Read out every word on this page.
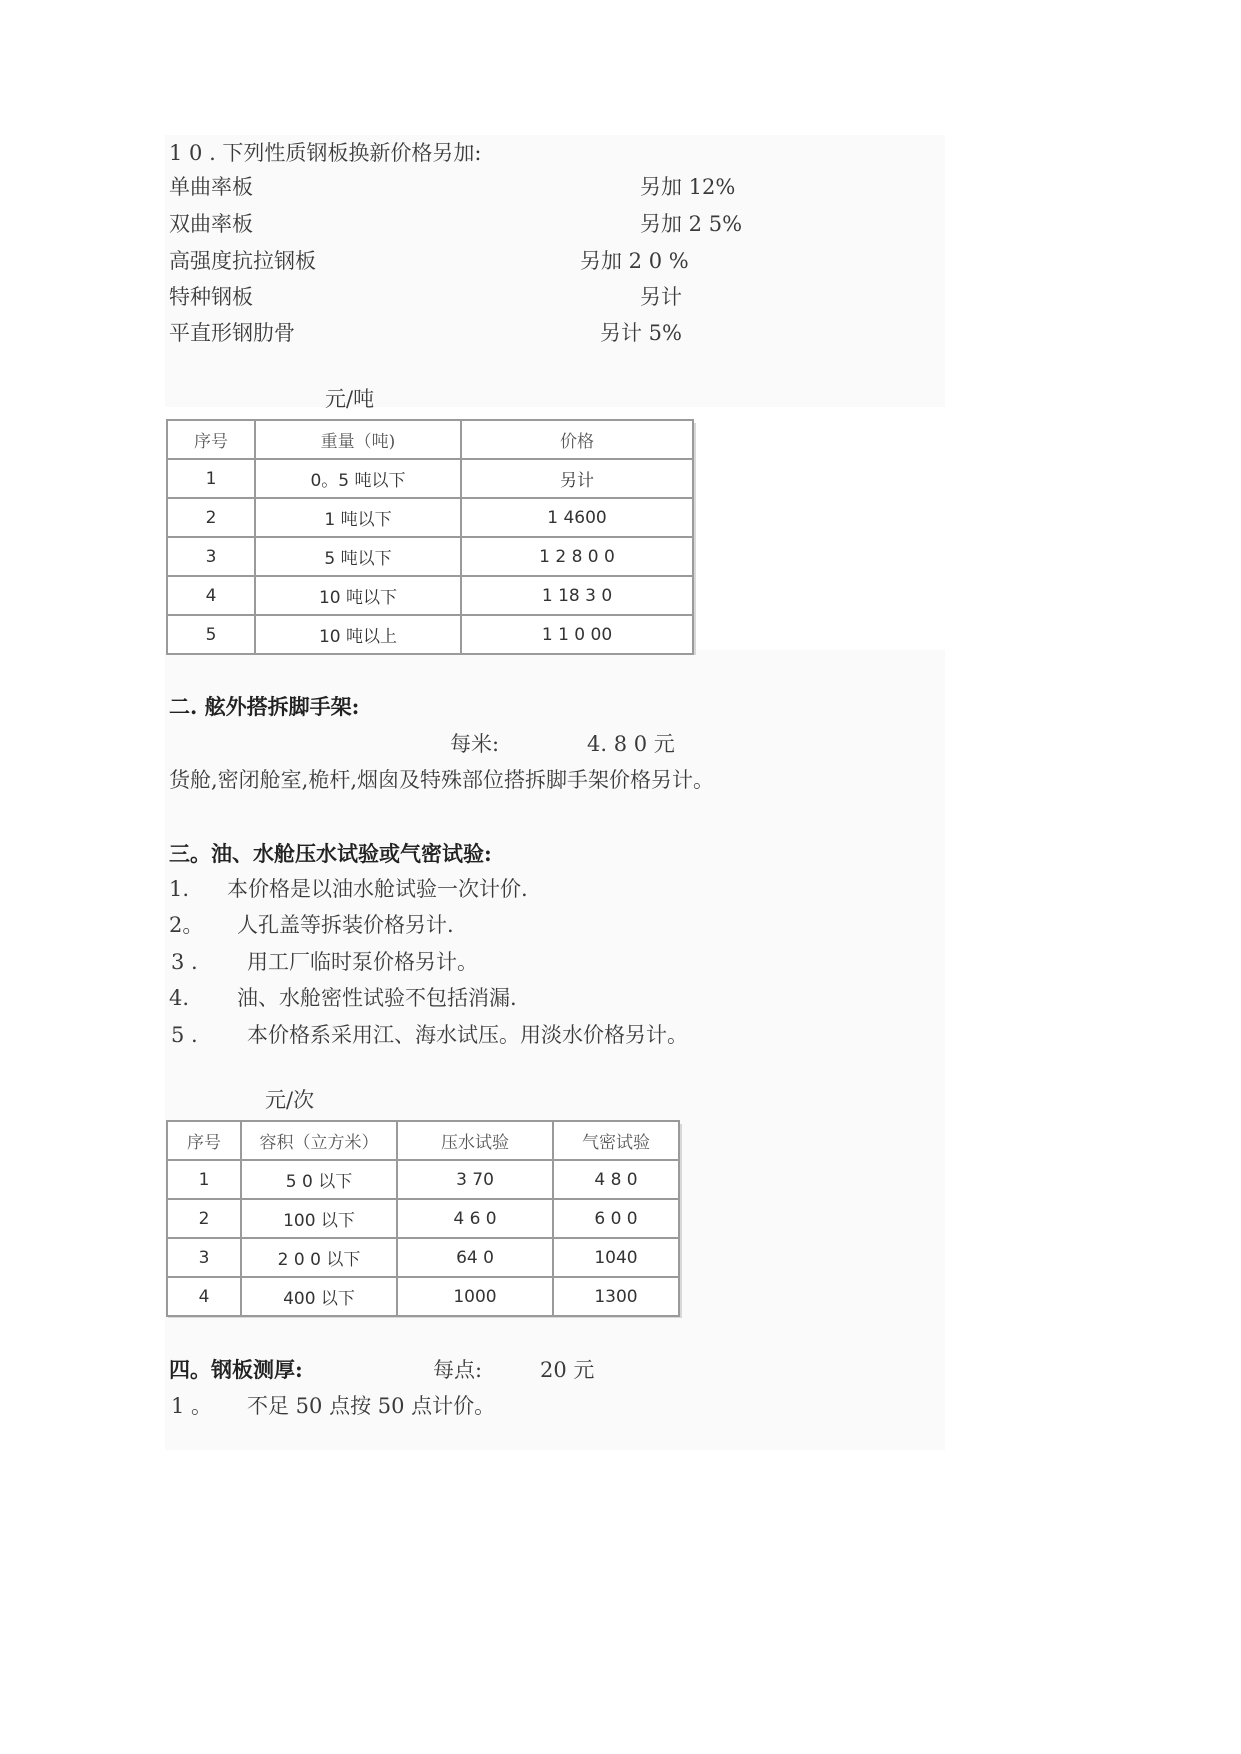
1 0 . 下列性质钢板换新价格另加:
单曲率板	另加 12%
双曲率板	另加 2 5%
高强度抗拉钢板	另加 2 0 %
特种钢板	另计
平直形钢肋骨	另计 5%
元/吨
序号	重量（吨)	价格
1	0。5 吨以下	另计
2	1 吨以下	1 4600
3	5 吨以下	1 2 8 0 0
4	10 吨以下	1 18 3 0
5	10 吨以上	1 1 0 00
二. 舷外搭拆脚手架:
每米:	4. 8 0 元
货舱,密闭舱室,桅杆,烟囱及特殊部位搭拆脚手架价格另计。
三。油、水舱压水试验或气密试验:
1. 本价格是以油水舱试验一次计价.
2。 人孔盖等拆装价格另计.
3 . 用工厂临时泵价格另计。
4. 油、水舱密性试验不包括消漏.
5 . 本价格系采用江、海水试压。用淡水价格另计。
元/次
序号	容积（立方米）	压水试验	气密试验
1	5 0 以下	3 70	4 8 0
2	100 以下	4 6 0	6 0 0
3	2 0 0 以下	64 0	1040
4	400 以下	1000	1300
四。钢板测厚:	每点:	20 元
1 。 不足 50 点按 50 点计价。
